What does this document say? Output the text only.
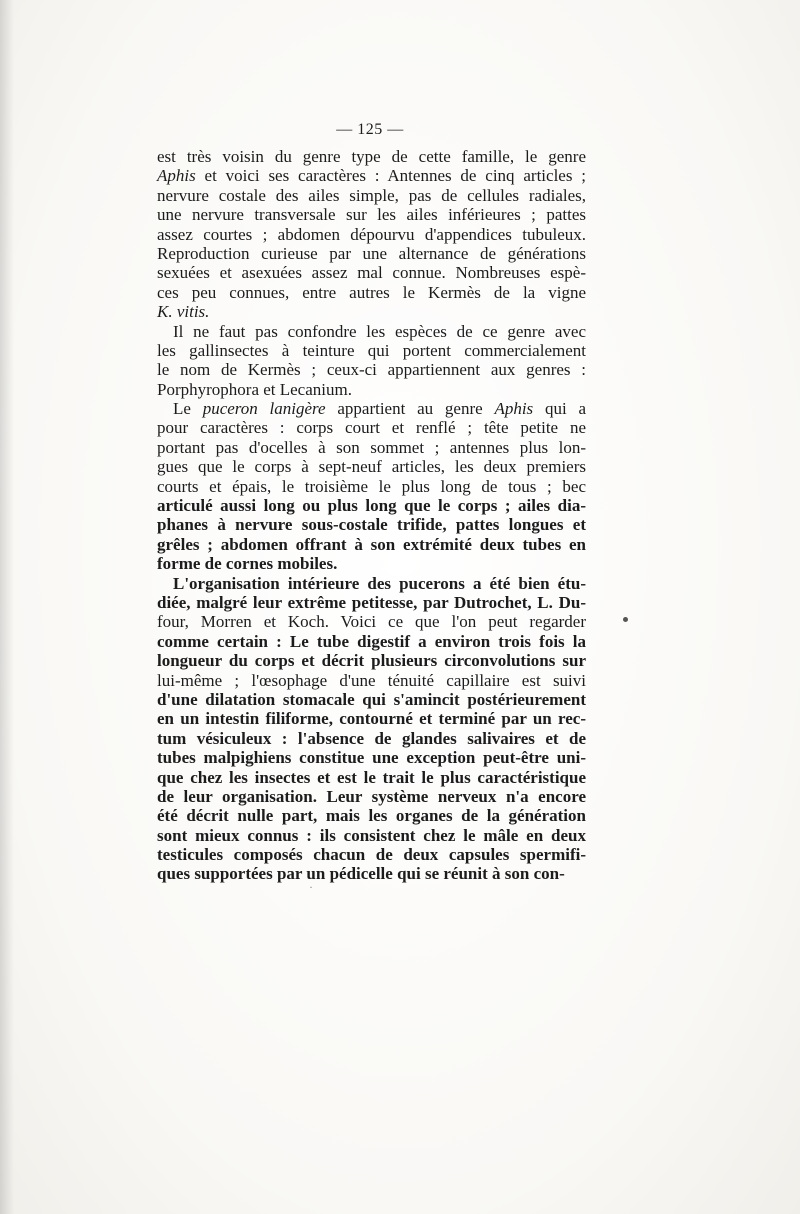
— 125 —
est très voisin du genre type de cette famille, le genre
Aphis et voici ses caractères : Antennes de cinq articles ;
nervure costale des ailes simple, pas de cellules radiales,
une nervure transversale sur les ailes inférieures ; pattes
assez courtes ; abdomen dépourvu d'appendices tubuleux.
Reproduction curieuse par une alternance de générations
sexuées et asexuées assez mal connue. Nombreuses espè-
ces peu connues, entre autres le Kermès de la vigne
K. vitis.
Il ne faut pas confondre les espèces de ce genre avec
les gallinsectes à teinture qui portent commercialement
le nom de Kermès ; ceux-ci appartiennent aux genres :
Porphyrophora et Lecanium.
Le puceron lanigère appartient au genre Aphis qui a
pour caractères : corps court et renflé ; tête petite ne
portant pas d'ocelles à son sommet ; antennes plus lon-
gues que le corps à sept-neuf articles, les deux premiers
courts et épais, le troisième le plus long de tous ; bec
articulé aussi long ou plus long que le corps ; ailes dia-
phanes à nervure sous-costale trifide, pattes longues et
grêles ; abdomen offrant à son extrémité deux tubes en
forme de cornes mobiles.
L'organisation intérieure des pucerons a été bien étu-
diée, malgré leur extrême petitesse, par Dutrochet, L. Du-
four, Morren et Koch. Voici ce que l'on peut regarder
comme certain : Le tube digestif a environ trois fois la
longueur du corps et décrit plusieurs circonvolutions sur
lui-même ; l'œsophage d'une ténuité capillaire est suivi
d'une dilatation stomacale qui s'amincit postérieurement
en un intestin filiforme, contourné et terminé par un rec-
tum vésiculeux : l'absence de glandes salivaires et de
tubes malpighiens constitue une exception peut-être uni-
que chez les insectes et est le trait le plus caractéristique
de leur organisation. Leur système nerveux n'a encore
été décrit nulle part, mais les organes de la génération
sont mieux connus : ils consistent chez le mâle en deux
testicules composés chacun de deux capsules spermifi-
ques supportées par un pédicelle qui se réunit à son con-
·
